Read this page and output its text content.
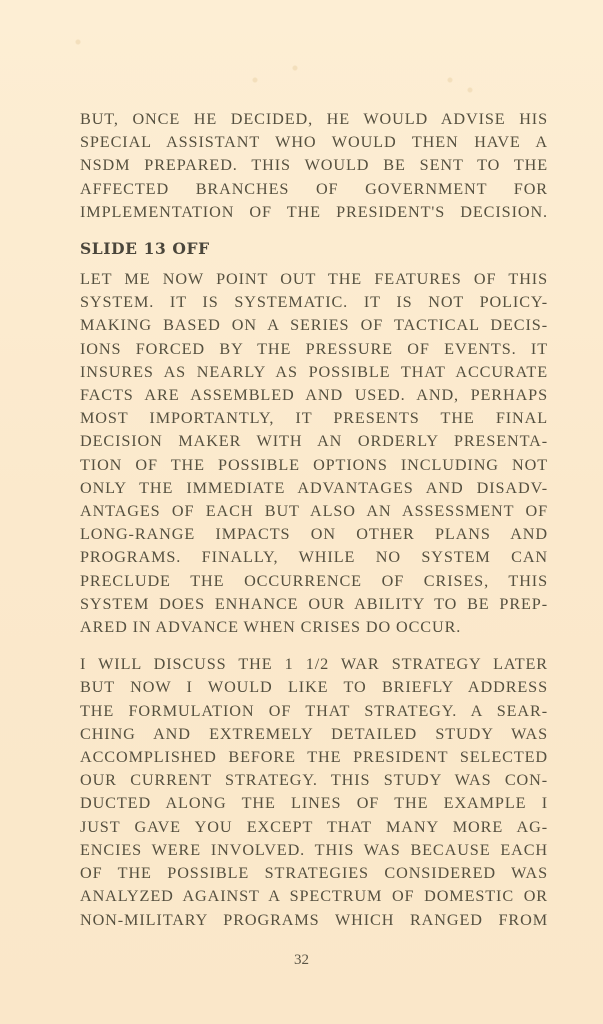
BUT, ONCE HE DECIDED, HE WOULD ADVISE HIS
SPECIAL ASSISTANT WHO WOULD THEN HAVE A
NSDM PREPARED. THIS WOULD BE SENT TO THE
AFFECTED BRANCHES OF GOVERNMENT FOR
IMPLEMENTATION OF THE PRESIDENT'S DECISION.

SLIDE 13 OFF

LET ME NOW POINT OUT THE FEATURES OF THIS
SYSTEM. IT IS SYSTEMATIC. IT IS NOT POLICY-
MAKING BASED ON A SERIES OF TACTICAL DECIS-
IONS FORCED BY THE PRESSURE OF EVENTS. IT
INSURES AS NEARLY AS POSSIBLE THAT ACCURATE
FACTS ARE ASSEMBLED AND USED. AND, PERHAPS
MOST IMPORTANTLY, IT PRESENTS THE FINAL
DECISION MAKER WITH AN ORDERLY PRESENTA-
TION OF THE POSSIBLE OPTIONS INCLUDING NOT
ONLY THE IMMEDIATE ADVANTAGES AND DISADV-
ANTAGES OF EACH BUT ALSO AN ASSESSMENT OF
LONG-RANGE IMPACTS ON OTHER PLANS AND
PROGRAMS. FINALLY, WHILE NO SYSTEM CAN
PRECLUDE THE OCCURRENCE OF CRISES, THIS
SYSTEM DOES ENHANCE OUR ABILITY TO BE PREP-
ARED IN ADVANCE WHEN CRISES DO OCCUR.

I WILL DISCUSS THE 1 1/2 WAR STRATEGY LATER
BUT NOW I WOULD LIKE TO BRIEFLY ADDRESS
THE FORMULATION OF THAT STRATEGY. A SEAR-
CHING AND EXTREMELY DETAILED STUDY WAS
ACCOMPLISHED BEFORE THE PRESIDENT SELECTED
OUR CURRENT STRATEGY. THIS STUDY WAS CON-
DUCTED ALONG THE LINES OF THE EXAMPLE I
JUST GAVE YOU EXCEPT THAT MANY MORE AG-
ENCIES WERE INVOLVED. THIS WAS BECAUSE EACH
OF THE POSSIBLE STRATEGIES CONSIDERED WAS
ANALYZED AGAINST A SPECTRUM OF DOMESTIC OR
NON-MILITARY PROGRAMS WHICH RANGED FROM

32
